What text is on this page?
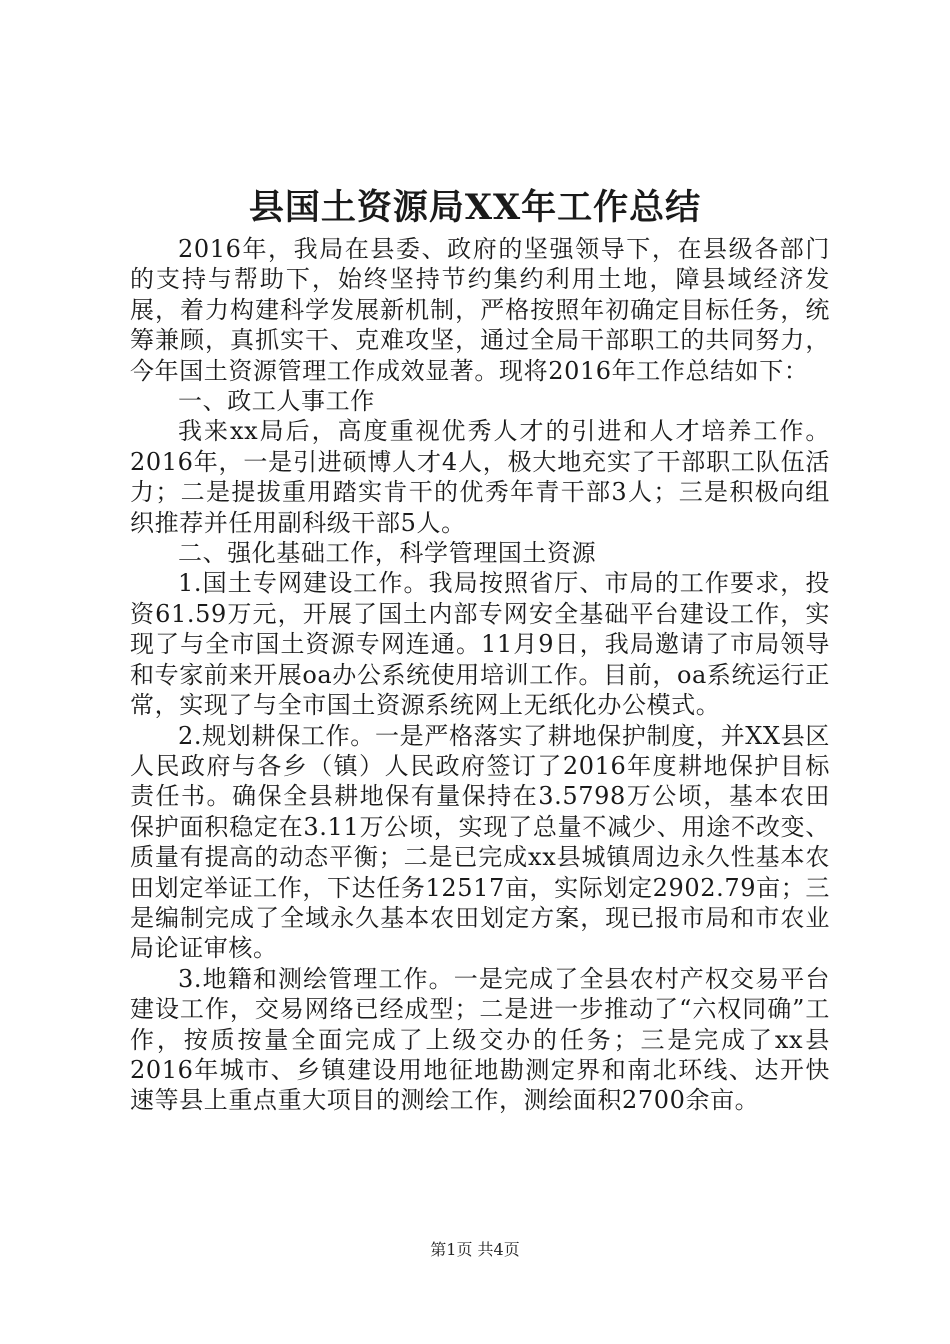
县国土资源局XX年工作总结

2016年，我局在县委、政府的坚强领导下，在县级各部门的支持与帮助下，始终坚持节约集约利用土地，障县域经济发展，着力构建科学发展新机制，严格按照年初确定目标任务，统筹兼顾，真抓实干、克难攻坚，通过全局干部职工的共同努力，今年国土资源管理工作成效显著。现将2016年工作总结如下：

一、政工人事工作

我来xx局后，高度重视优秀人才的引进和人才培养工作。2016年，一是引进硕博人才4人，极大地充实了干部职工队伍活力；二是提拔重用踏实肯干的优秀年青干部3人；三是积极向组织推荐并任用副科级干部5人。

二、强化基础工作，科学管理国土资源

1.国土专网建设工作。我局按照省厅、市局的工作要求，投资61.59万元，开展了国土内部专网安全基础平台建设工作，实现了与全市国土资源专网连通。11月9日，我局邀请了市局领导和专家前来开展oa办公系统使用培训工作。目前，oa系统运行正常，实现了与全市国土资源系统网上无纸化办公模式。

2.规划耕保工作。一是严格落实了耕地保护制度，并XX县区人民政府与各乡（镇）人民政府签订了2016年度耕地保护目标责任书。确保全县耕地保有量保持在3.5798万公顷，基本农田保护面积稳定在3.11万公顷，实现了总量不减少、用途不改变、质量有提高的动态平衡；二是已完成xx县城镇周边永久性基本农田划定举证工作，下达任务12517亩，实际划定2902.79亩；三是编制完成了全域永久基本农田划定方案，现已报市局和市农业局论证审核。

3.地籍和测绘管理工作。一是完成了全县农村产权交易平台建设工作，交易网络已经成型；二是进一步推动了“六权同确”工作，按质按量全面完成了上级交办的任务；三是完成了xx县2016年城市、乡镇建设用地征地勘测定界和南北环线、达开快速等县上重点重大项目的测绘工作，测绘面积2700余亩。

第1页 共4页
